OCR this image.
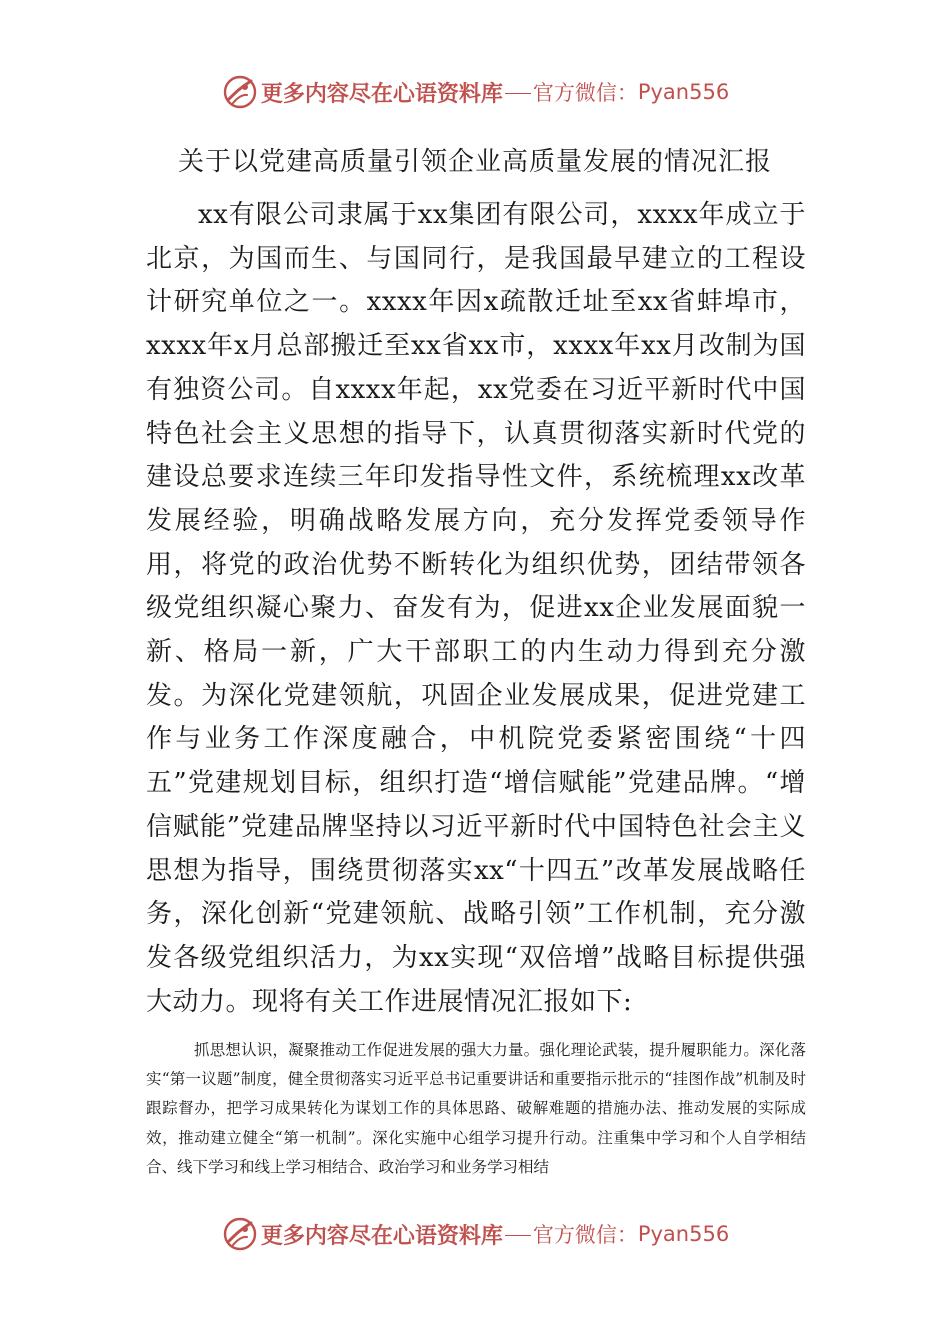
更多内容尽在心语资料库 官方微信： Pyan556
关于以党建高质量引领企业高质量发展的情况汇报

xx有限公司隶属于xx集团有限公司，xxxx年成立于北京，为国而生、与国同行，是我国最早建立的工程设计研究单位之一。xxxx年因x疏散迁址至xx省蚌埠市，xxxx年x月总部搬迁至xx省xx市，xxxx年xx月改制为国有独资公司。自xxxx年起，xx党委在习近平新时代中国特色社会主义思想的指导下，认真贯彻落实新时代党的建设总要求连续三年印发指导性文件，系统梳理xx改革发展经验，明确战略发展方向，充分发挥党委领导作用，将党的政治优势不断转化为组织优势，团结带领各级党组织凝心聚力、奋发有为，促进xx企业发展面貌一新、格局一新，广大干部职工的内生动力得到充分激发。为深化党建领航，巩固企业发展成果，促进党建工作与业务工作深度融合，中机院党委紧密围绕“十四五”党建规划目标，组织打造“增信赋能”党建品牌。“增信赋能”党建品牌坚持以习近平新时代中国特色社会主义思想为指导，围绕贯彻落实xx“十四五”改革发展战略任务，深化创新“党建领航、战略引领”工作机制，充分激发各级党组织活力，为xx实现“双倍增”战略目标提供强大动力。现将有关工作进展情况汇报如下:

抓思想认识，凝聚推动工作促进发展的强大力量。强化理论武装，提升履职能力。深化落实“第一议题”制度，健全贯彻落实习近平总书记重要讲话和重要指示批示的“挂图作战”机制及时跟踪督办，把学习成果转化为谋划工作的具体思路、破解难题的措施办法、推动发展的实际成效，推动建立健全“第一机制”。深化实施中心组学习提升行动。注重集中学习和个人自学相结合、线下学习和线上学习相结合、政治学习和业务学习相结

更多内容尽在心语资料库 官方微信： Pyan556
